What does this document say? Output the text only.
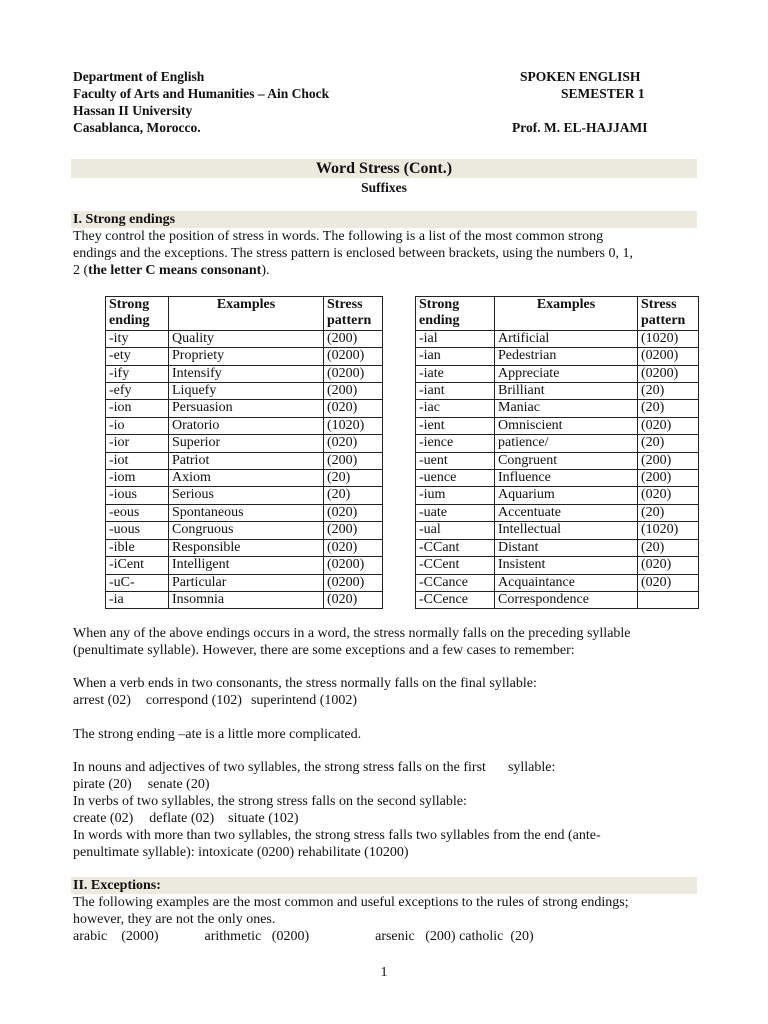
Department of English
Faculty of Arts and Humanities – Ain Chock
Hassan II University
Casablanca, Morocco.
SPOKEN ENGLISH
SEMESTER 1
Prof. M. EL-HAJJAMI
Word Stress (Cont.)
Suffixes
I. Strong endings
They control the position of stress in words. The following is a list of the most common strong
endings and the exceptions. The stress pattern is enclosed between brackets, using the numbers 0, 1,
2 (the letter C means consonant).
Strong
ending	Examples	Stress
pattern
-ity	Quality	(200)
-ety	Propriety	(0200)
-ify	Intensify	(0200)
-efy	Liquefy	(200)
-ion	Persuasion	(020)
-io	Oratorio	(1020)
-ior	Superior	(020)
-iot	Patriot	(200)
-iom	Axiom	(20)
-ious	Serious	(20)
-eous	Spontaneous	(020)
-uous	Congruous	(200)
-ible	Responsible	(020)
-iCent	Intelligent	(0200)
-uC-	Particular	(0200)
-ia	Insomnia	(020)
Strong
ending	Examples	Stress
pattern
-ial	Artificial	(1020)
-ian	Pedestrian	(0200)
-iate	Appreciate	(0200)
-iant	Brilliant	(20)
-iac	Maniac	(20)
-ient	Omniscient	(020)
-ience	patience/	(20)
-uent	Congruent	(200)
-uence	Influence	(200)
-ium	Aquarium	(020)
-uate	Accentuate	(20)
-ual	Intellectual	(1020)
-CCant	Distant	(20)
-CCent	Insistent	(020)
-CCance	Acquaintance	(020)
-CCence	Correspondence	
When any of the above endings occurs in a word, the stress normally falls on the preceding syllable
(penultimate syllable). However, there are some exceptions and a few cases to remember:
When a verb ends in two consonants, the stress normally falls on the final syllable:
arrest (02) correspond (102) superintend (1002)
The strong ending –ate is a little more complicated.
In nouns and adjectives of two syllables, the strong stress falls on the first syllable:
pirate (20) senate (20)
In verbs of two syllables, the strong stress falls on the second syllable:
create (02) deflate (02) situate (102)
In words with more than two syllables, the strong stress falls two syllables from the end (ante-
penultimate syllable): intoxicate (0200) rehabilitate (10200)
II. Exceptions:
The following examples are the most common and useful exceptions to the rules of strong endings;
however, they are not the only ones.
arabic    (2000)	arithmetic   (0200)	arsenic   (200) catholic  (20)
1
